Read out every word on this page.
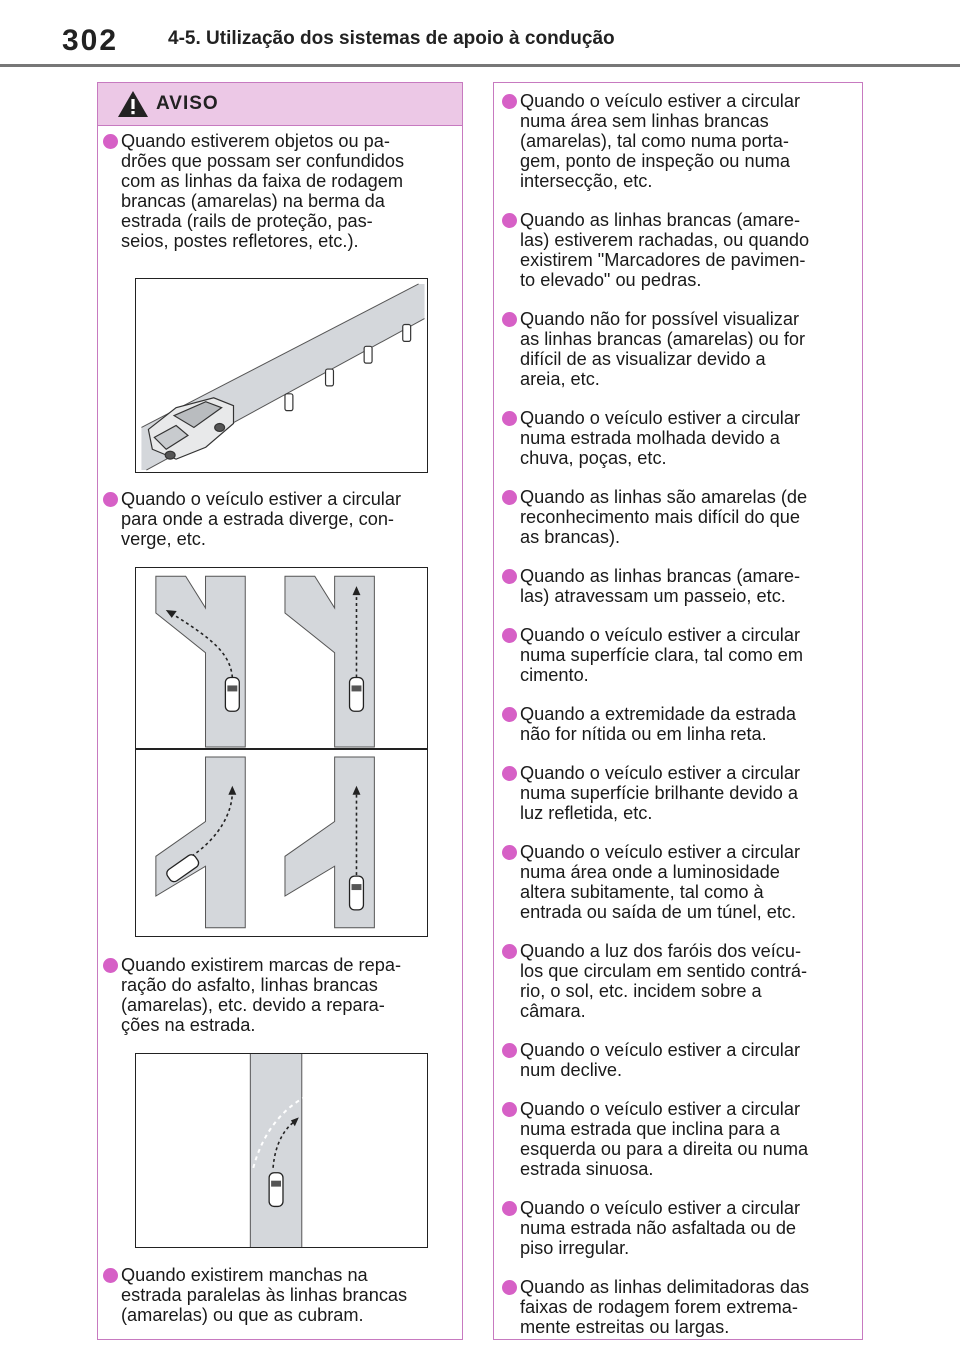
302	4-5. Utilização dos sistemas de apoio à condução
AVISO
Quando estiverem objetos ou pa-
drões que possam ser confundidos
com as linhas da faixa de rodagem
brancas (amarelas) na berma da
estrada (rails de proteção, pas-
seios, postes refletores, etc.).
Quando o veículo estiver a circular
para onde a estrada diverge, con-
verge, etc.
Quando existirem marcas de repa-
ração do asfalto, linhas brancas
(amarelas), etc. devido a repara-
ções na estrada.
Quando existirem manchas na
estrada paralelas às linhas brancas
(amarelas) ou que as cubram.
Quando o veículo estiver a circular
numa área sem linhas brancas
(amarelas), tal como numa porta-
gem, ponto de inspeção ou numa
intersecção, etc.
Quando as linhas brancas (amare-
las) estiverem rachadas, ou quando
existirem "Marcadores de pavimen-
to elevado" ou pedras.
Quando não for possível visualizar
as linhas brancas (amarelas) ou for
difícil de as visualizar devido a
areia, etc.
Quando o veículo estiver a circular
numa estrada molhada devido a
chuva, poças, etc.
Quando as linhas são amarelas (de
reconhecimento mais difícil do que
as brancas).
Quando as linhas brancas (amare-
las) atravessam um passeio, etc.
Quando o veículo estiver a circular
numa superfície clara, tal como em
cimento.
Quando a extremidade da estrada
não for nítida ou em linha reta.
Quando o veículo estiver a circular
numa superfície brilhante devido a
luz refletida, etc.
Quando o veículo estiver a circular
numa área onde a luminosidade
altera subitamente, tal como à
entrada ou saída de um túnel, etc.
Quando a luz dos faróis dos veícu-
los que circulam em sentido contrá-
rio, o sol, etc. incidem sobre a
câmara.
Quando o veículo estiver a circular
num declive.
Quando o veículo estiver a circular
numa estrada que inclina para a
esquerda ou para a direita ou numa
estrada sinuosa.
Quando o veículo estiver a circular
numa estrada não asfaltada ou de
piso irregular.
Quando as linhas delimitadoras das
faixas de rodagem forem extrema-
mente estreitas ou largas.
